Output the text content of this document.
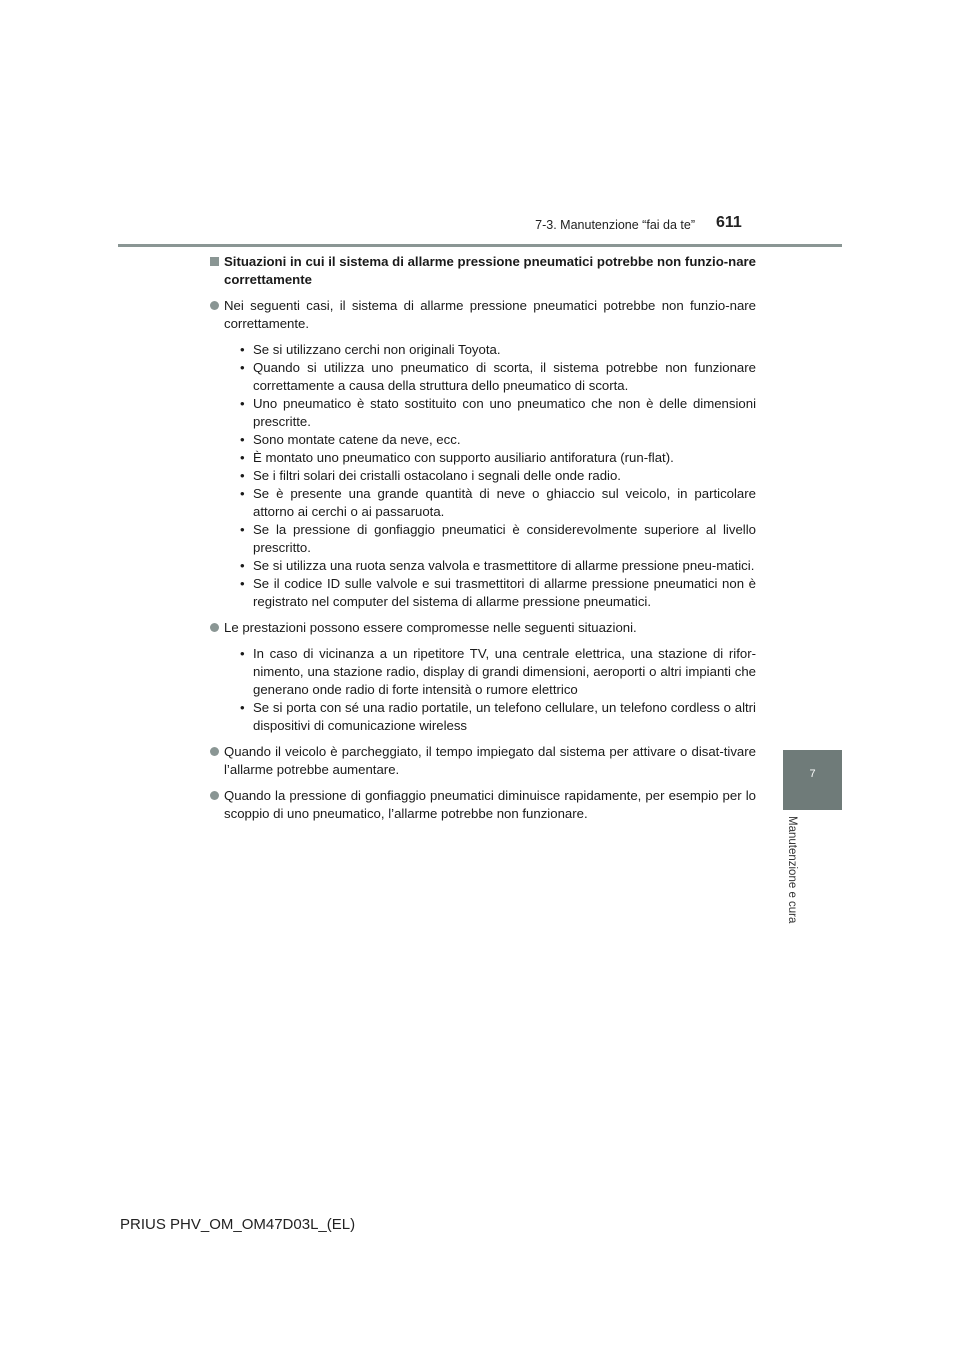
7-3. Manutenzione “fai da te” 611
7
Manutenzione e cura
Situazioni in cui il sistema di allarme pressione pneumatici potrebbe non funzio-nare correttamente
Nei seguenti casi, il sistema di allarme pressione pneumatici potrebbe non funzio-nare correttamente.
• Se si utilizzano cerchi non originali Toyota.
• Quando si utilizza uno pneumatico di scorta, il sistema potrebbe non funzionare correttamente a causa della struttura dello pneumatico di scorta.
• Uno pneumatico è stato sostituito con uno pneumatico che non è delle dimensioni prescritte.
• Sono montate catene da neve, ecc.
• È montato uno pneumatico con supporto ausiliario antiforatura (run-flat).
• Se i filtri solari dei cristalli ostacolano i segnali delle onde radio.
• Se è presente una grande quantità di neve o ghiaccio sul veicolo, in particolare attorno ai cerchi o ai passaruota.
• Se la pressione di gonfiaggio pneumatici è considerevolmente superiore al livello prescritto.
• Se si utilizza una ruota senza valvola e trasmettitore di allarme pressione pneu-matici.
• Se il codice ID sulle valvole e sui trasmettitori di allarme pressione pneumatici non è registrato nel computer del sistema di allarme pressione pneumatici.
Le prestazioni possono essere compromesse nelle seguenti situazioni.
• In caso di vicinanza a un ripetitore TV, una centrale elettrica, una stazione di rifor-nimento, una stazione radio, display di grandi dimensioni, aeroporti o altri impianti che generano onde radio di forte intensità o rumore elettrico
• Se si porta con sé una radio portatile, un telefono cellulare, un telefono cordless o altri dispositivi di comunicazione wireless
Quando il veicolo è parcheggiato, il tempo impiegato dal sistema per attivare o disat-tivare l’allarme potrebbe aumentare.
Quando la pressione di gonfiaggio pneumatici diminuisce rapidamente, per esempio per lo scoppio di uno pneumatico, l’allarme potrebbe non funzionare.
PRIUS PHV_OM_OM47D03L_(EL)
